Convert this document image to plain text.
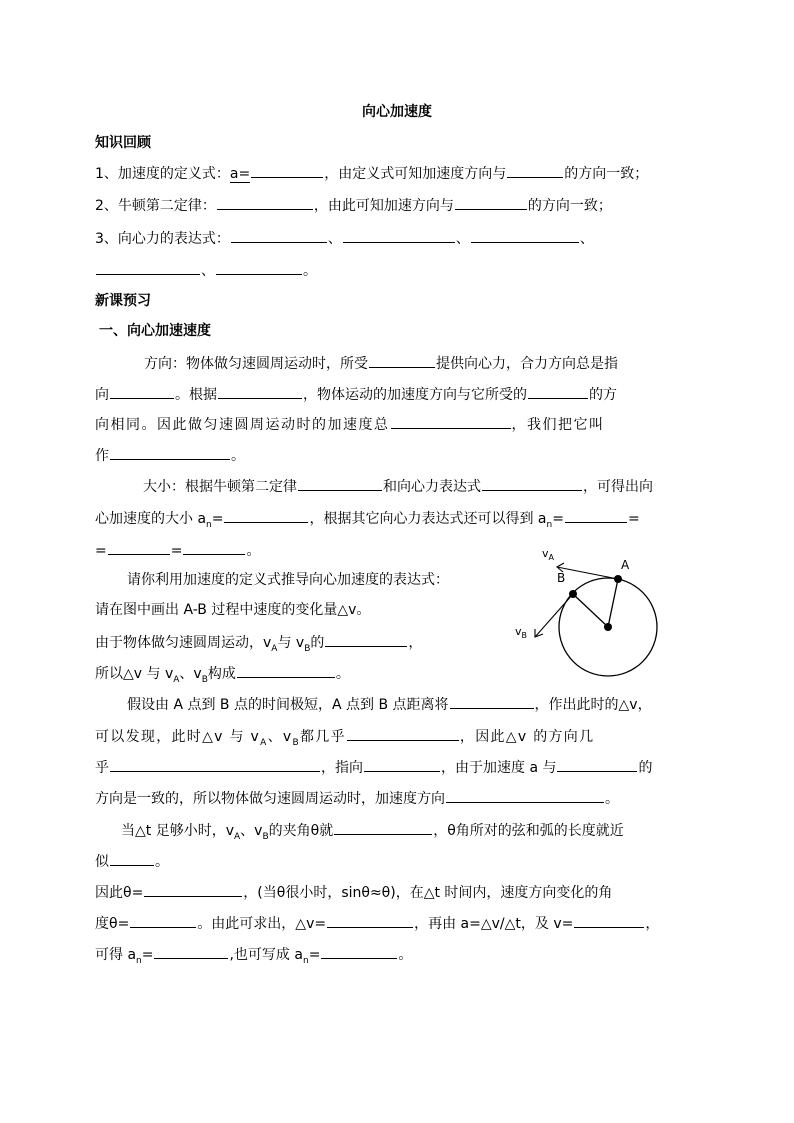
向心加速度
知识回顾
1、加速度的定义式：a=	，由定义式可知加速度方向与	的方向一致；
2、牛顿第二定律：	，由此可知加速方向与	的方向一致；
3、向心力的表达式：	、	、	、
、	。
新课预习
一、向心加速速度
方向：物体做匀速圆周运动时，所受	提供向心力，合力方向总是指
向	。根据	，物体运动的加速度方向与它所受的	的方
向相同。因此做匀速圆周运动时的加速度总	，我们把它叫
作	。
大小：根据牛顿第二定律	和向心力表达式	，可得出向
心加速度的大小 $a_n=$	，根据其它向心力表达式还可以得到 $a_n=$	=
=	=	。
请你利用加速度的定义式推导向心加速度的表达式：
请在图中画出 A-B 过程中速度的变化量△v。
由于物体做匀速圆周运动，$v_A$与 $v_B$的	，
所以△v 与 $v_A$、$v_B$构成	。
$v_A$
A
B
$v_B$
假设由 A 点到 B 点的时间极短，A 点到 B 点距离将	，作出此时的△v，
可以发现，此时△v 与 $v_A$、$v_B$都几乎	，因此△v 的方向几
乎	，指向	，由于加速度 a 与	的
方向是一致的，所以物体做匀速圆周运动时，加速度方向	。
当△t 足够小时，$v_A$、$v_B$的夹角θ就	，θ角所对的弦和弧的长度就近
似	。
因此θ=	，(当θ很小时，sinθ≈θ)，在△t 时间内，速度方向变化的角
度θ=	。由此可求出，△v=	，再由 a=△v/△t，及 v=	，
可得 $a_n=$	,也可写成 $a_n=$	。
